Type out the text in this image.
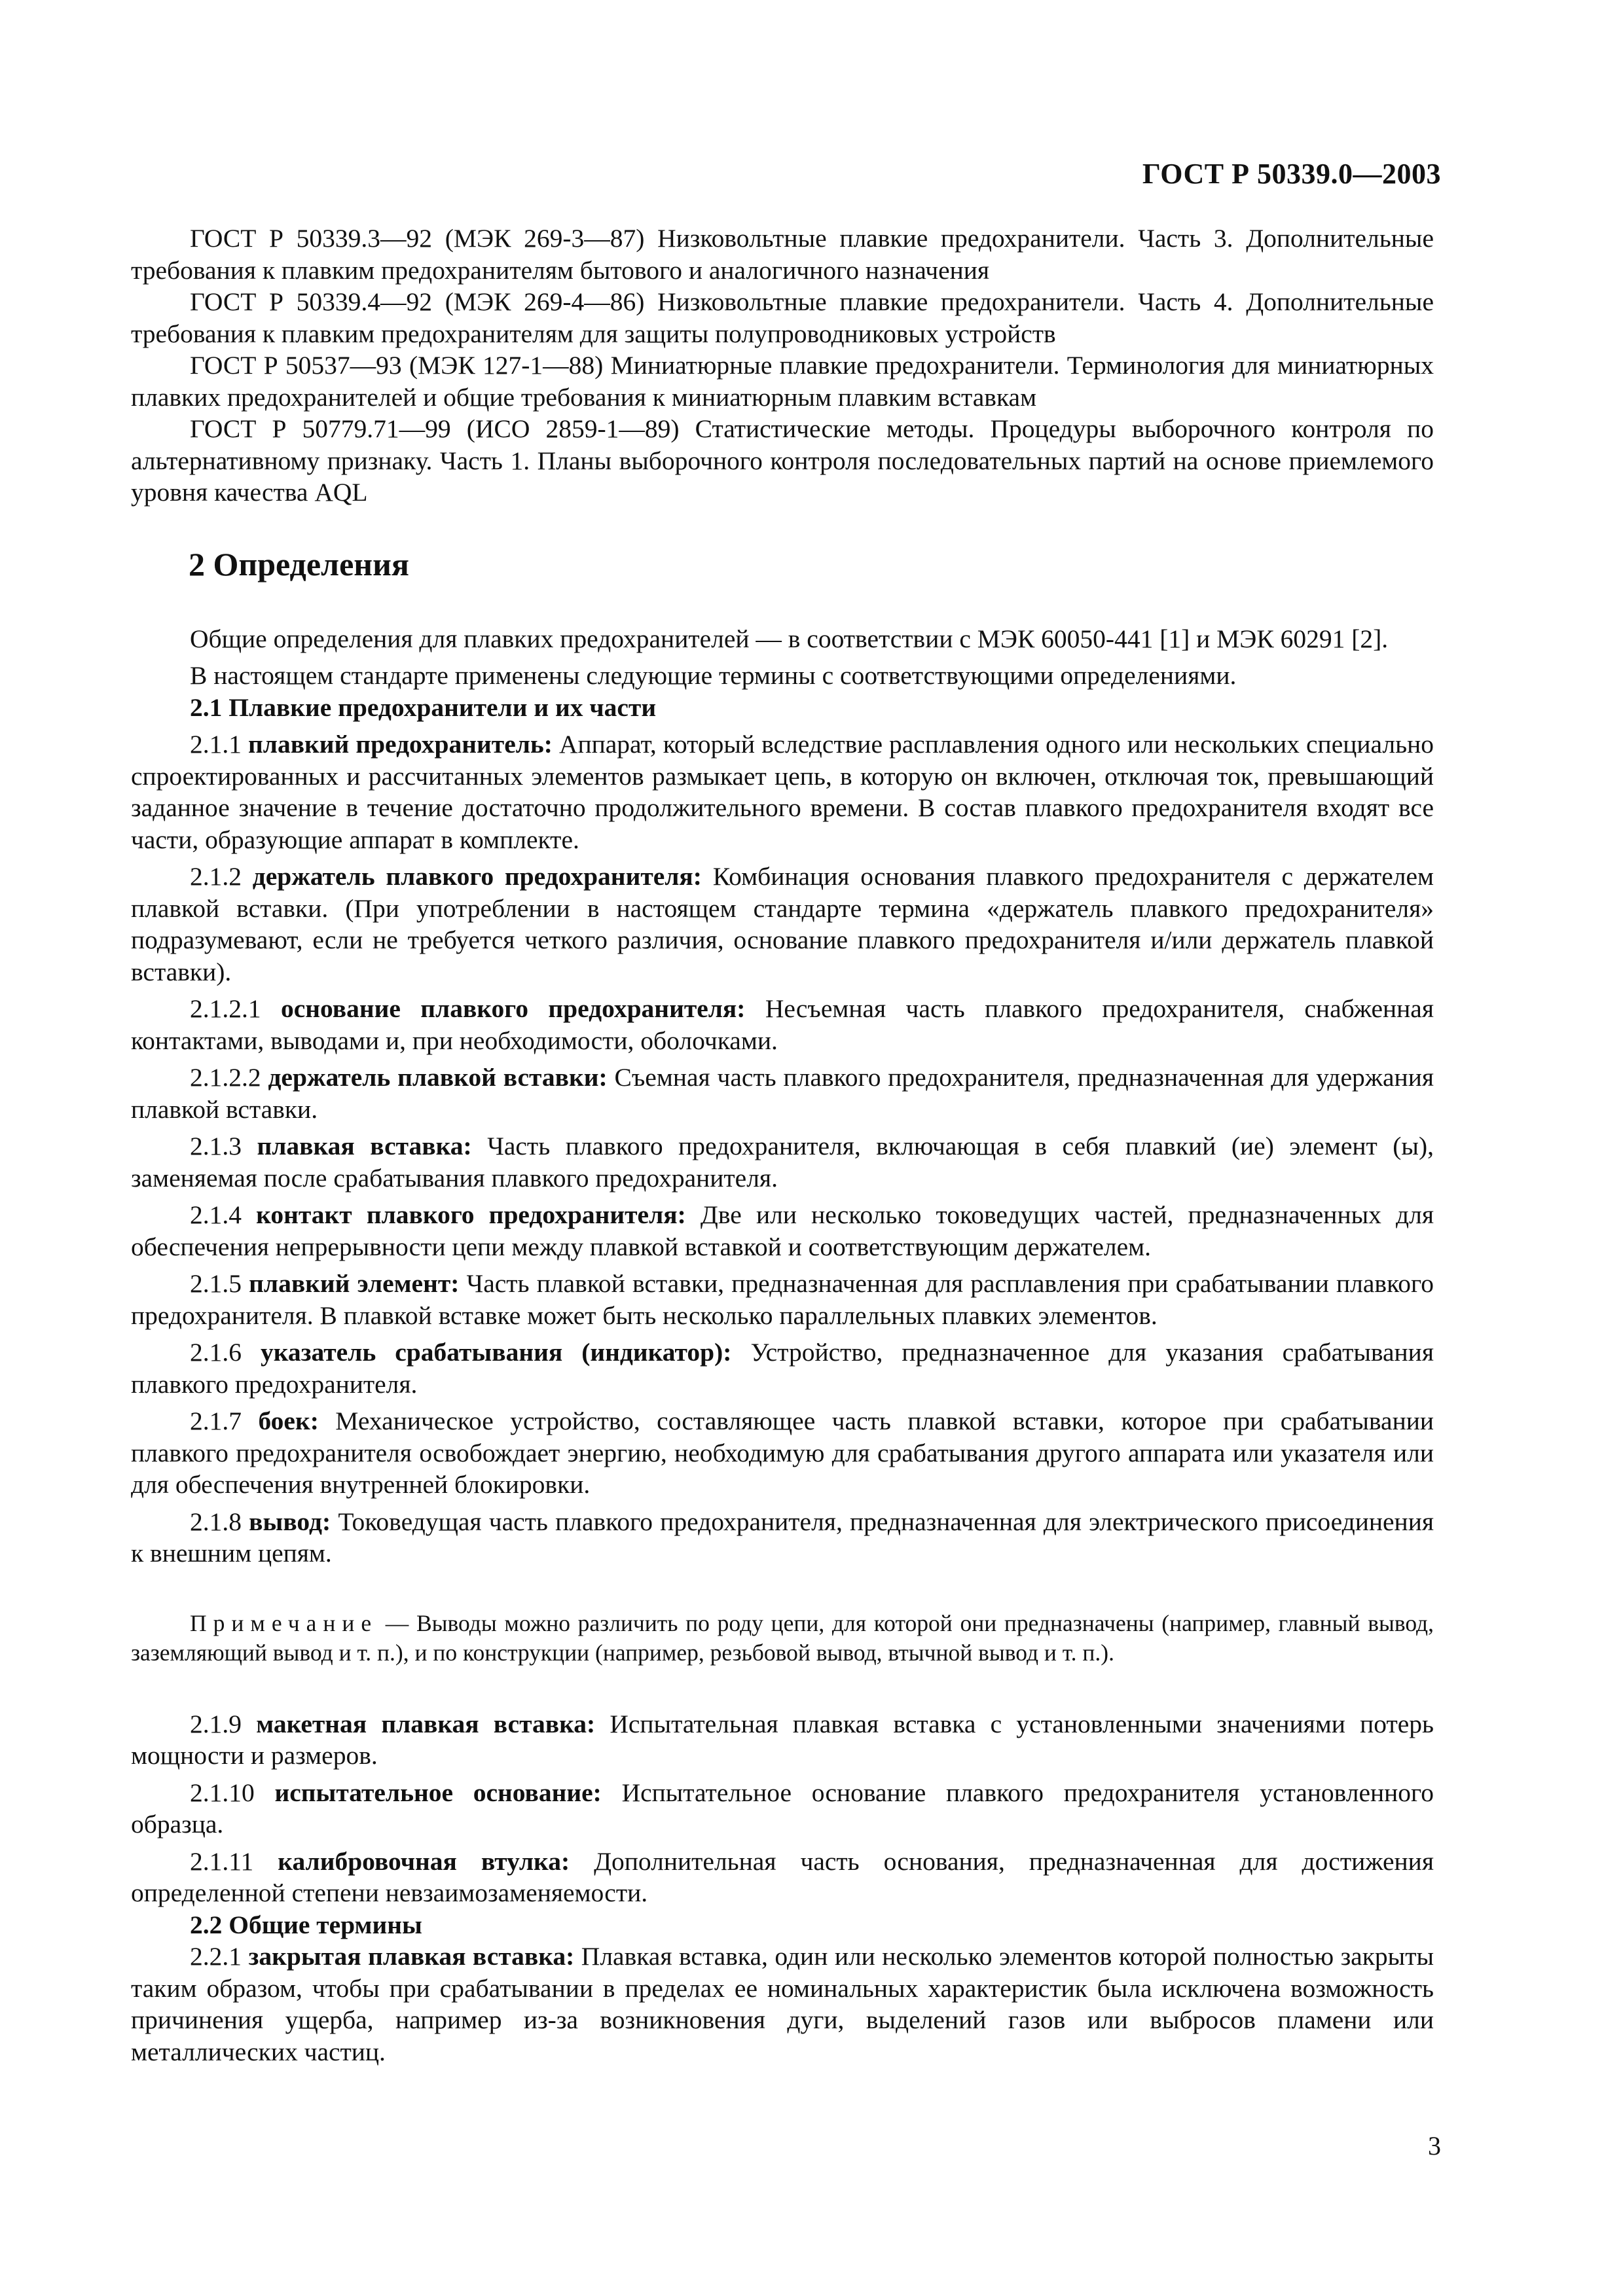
ГОСТ Р 50339.0—2003

ГОСТ Р 50339.3—92 (МЭК 269-3—87) Низковольтные плавкие предохранители. Часть 3. Дополнительные требования к плавким предохранителям бытового и аналогичного назначения

ГОСТ Р 50339.4—92 (МЭК 269-4—86) Низковольтные плавкие предохранители. Часть 4. Дополнительные требования к плавким предохранителям для защиты полупроводниковых устройств

ГОСТ Р 50537—93 (МЭК 127-1—88) Миниатюрные плавкие предохранители. Терминология для миниатюрных плавких предохранителей и общие требования к миниатюрным плавким вставкам

ГОСТ Р 50779.71—99 (ИСО 2859-1—89) Статистические методы. Процедуры выборочного контроля по альтернативному признаку. Часть 1. Планы выборочного контроля последовательных партий на основе приемлемого уровня качества AQL

2 Определения

Общие определения для плавких предохранителей — в соответствии с МЭК 60050-441 [1] и МЭК 60291 [2].

В настоящем стандарте применены следующие термины с соответствующими определениями.

2.1 Плавкие предохранители и их части

2.1.1 плавкий предохранитель: Аппарат, который вследствие расплавления одного или нескольких специально спроектированных и рассчитанных элементов размыкает цепь, в которую он включен, отключая ток, превышающий заданное значение в течение достаточно продолжительного времени. В состав плавкого предохранителя входят все части, образующие аппарат в комплекте.

2.1.2 держатель плавкого предохранителя: Комбинация основания плавкого предохранителя с держателем плавкой вставки. (При употреблении в настоящем стандарте термина «держатель плавкого предохранителя» подразумевают, если не требуется четкого различия, основание плавкого предохранителя и/или держатель плавкой вставки).

2.1.2.1 основание плавкого предохранителя: Несъемная часть плавкого предохранителя, снабженная контактами, выводами и, при необходимости, оболочками.

2.1.2.2 держатель плавкой вставки: Съемная часть плавкого предохранителя, предназначенная для удержания плавкой вставки.

2.1.3 плавкая вставка: Часть плавкого предохранителя, включающая в себя плавкий (ие) элемент (ы), заменяемая после срабатывания плавкого предохранителя.

2.1.4 контакт плавкого предохранителя: Две или несколько токоведущих частей, предназначенных для обеспечения непрерывности цепи между плавкой вставкой и соответствующим держателем.

2.1.5 плавкий элемент: Часть плавкой вставки, предназначенная для расплавления при срабатывании плавкого предохранителя. В плавкой вставке может быть несколько параллельных плавких элементов.

2.1.6 указатель срабатывания (индикатор): Устройство, предназначенное для указания срабатывания плавкого предохранителя.

2.1.7 боек: Механическое устройство, составляющее часть плавкой вставки, которое при срабатывании плавкого предохранителя освобождает энергию, необходимую для срабатывания другого аппарата или указателя или для обеспечения внутренней блокировки.

2.1.8 вывод: Токоведущая часть плавкого предохранителя, предназначенная для электрического присоединения к внешним цепям.

Примечание — Выводы можно различить по роду цепи, для которой они предназначены (например, главный вывод, заземляющий вывод и т. п.), и по конструкции (например, резьбовой вывод, втычной вывод и т. п.).

2.1.9 макетная плавкая вставка: Испытательная плавкая вставка с установленными значениями потерь мощности и размеров.

2.1.10 испытательное основание: Испытательное основание плавкого предохранителя установленного образца.

2.1.11 калибровочная втулка: Дополнительная часть основания, предназначенная для достижения определенной степени невзаимозаменяемости.

2.2 Общие термины

2.2.1 закрытая плавкая вставка: Плавкая вставка, один или несколько элементов которой полностью закрыты таким образом, чтобы при срабатывании в пределах ее номинальных характеристик была исключена возможность причинения ущерба, например из-за возникновения дуги, выделений газов или выбросов пламени или металлических частиц.

3
